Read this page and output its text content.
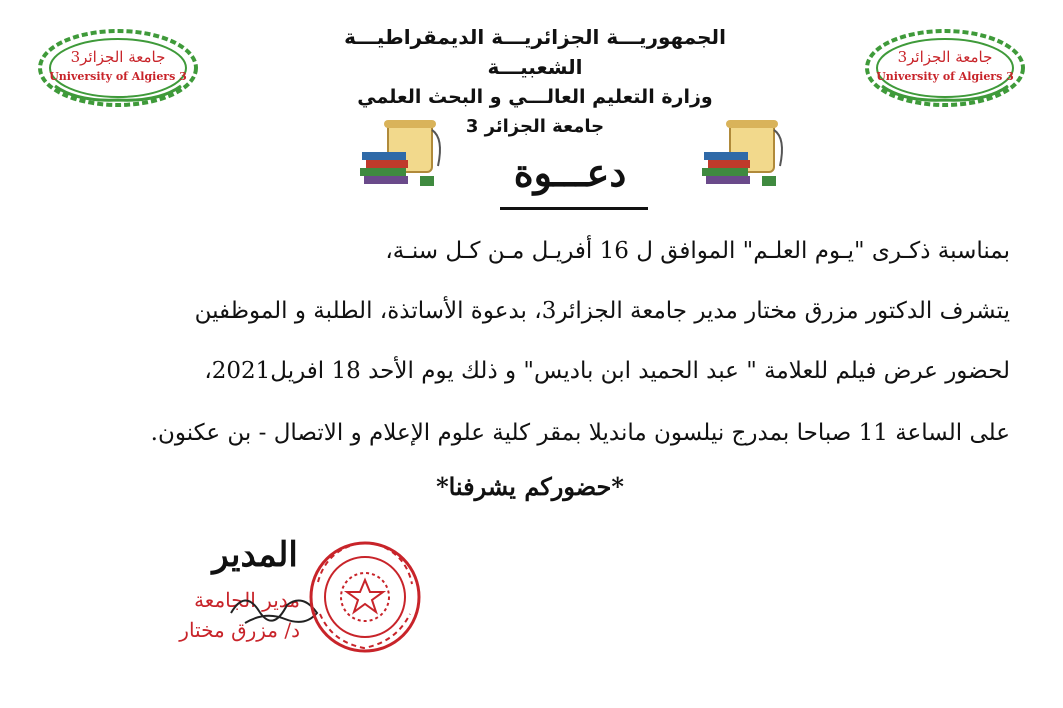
الجمهوريـــة الجزائريـــة الديمقراطيـــة الشعبيـــة
وزارة التعليم العالـــي و البحث العلمي
جامعة الجزائر 3
جامعة الجزائر3
University of Algiers 3
جامعة الجزائر3
University of Algiers 3
دعـــوة
بمناسبة ذكـرى "يـوم العلـم" الموافق ل 16 أفريـل مـن كـل سنـة،
يتشرف الدكتور مزرق مختار مدير جامعة الجزائر3، بدعوة الأساتذة، الطلبة و الموظفين
لحضور عرض فيلم للعلامة " عبد الحميد ابن باديس" و ذلك يوم الأحد 18 افريل2021،
على الساعة 11 صباحا بمدرج نيلسون مانديلا بمقر كلية علوم الإعلام و الاتصال - بن عكنون.
*حضوركم يشرفنا*
المدير
مدير الجامعة
د/ مزرق مختار
